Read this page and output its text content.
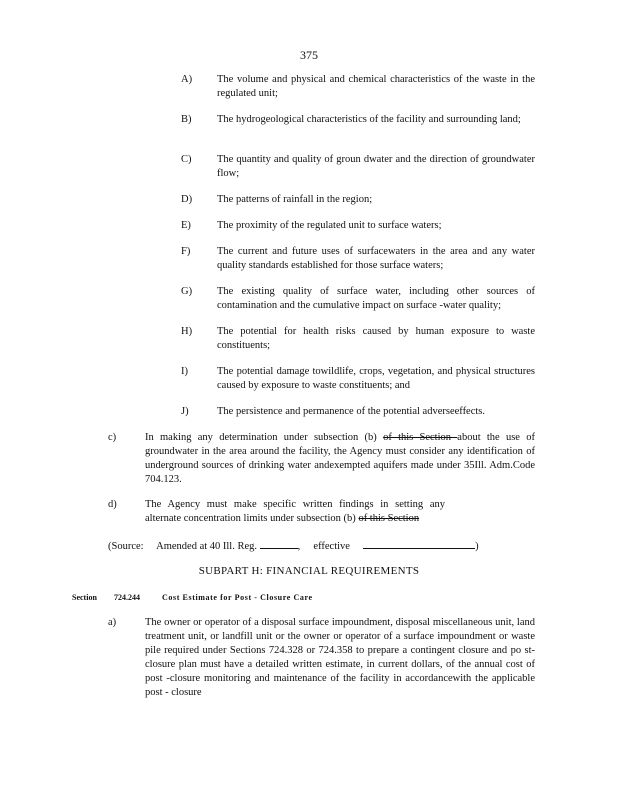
375
A) The volume and physical and chemical characteristics of the waste in the regulated unit;
B) The hydrogeological characteristics of the facility and surrounding land;
C) The quantity and quality of groun dwater and the direction of groundwater flow;
D) The patterns of rainfall in the region;
E) The proximity of the regulated unit to surface waters;
F)	The current and future uses of surfacewaters in the area and any water quality standards established for those surface waters;
G) The existing quality of surface water, including other sources of contamination and the cumulative impact on surface -water quality;
H) The potential for health risks caused by human exposure to waste constituents;
I)	The potential damage towildlife, crops, vegetation, and physical structures caused by exposure to waste constituents; and
J)	The persistence and permanence of the potential adverseeffects.
c)	In making any determination under subsection (b) of this Section about the use of groundwater in the area around the facility, the Agency must consider any identification of underground sources of drinking water andexempted aquifers made under 35Ill. Adm.Code 704.123.
d)	The Agency must make specific written findings in setting any alternate concentration limits under subsection (b) of this Section
(Source: Amended at 40 Ill. Reg.	, effective	)
SUBPART H: FINANCIAL REQUIREMENTS
Section 724.244	Cost Estimate for Post - Closure Care
a)	The owner or operator of a disposal surface impoundment, disposal miscellaneous unit, land treatment unit, or landfill unit or the owner or operator of a surface impoundment or waste pile required under Sections 724.328 or 724.358 to prepare a contingent closure and po st-closure plan must have a detailed written estimate, in current dollars, of the annual cost of post -closure monitoring and maintenance of the facility in accordancewith the applicable post - closure
